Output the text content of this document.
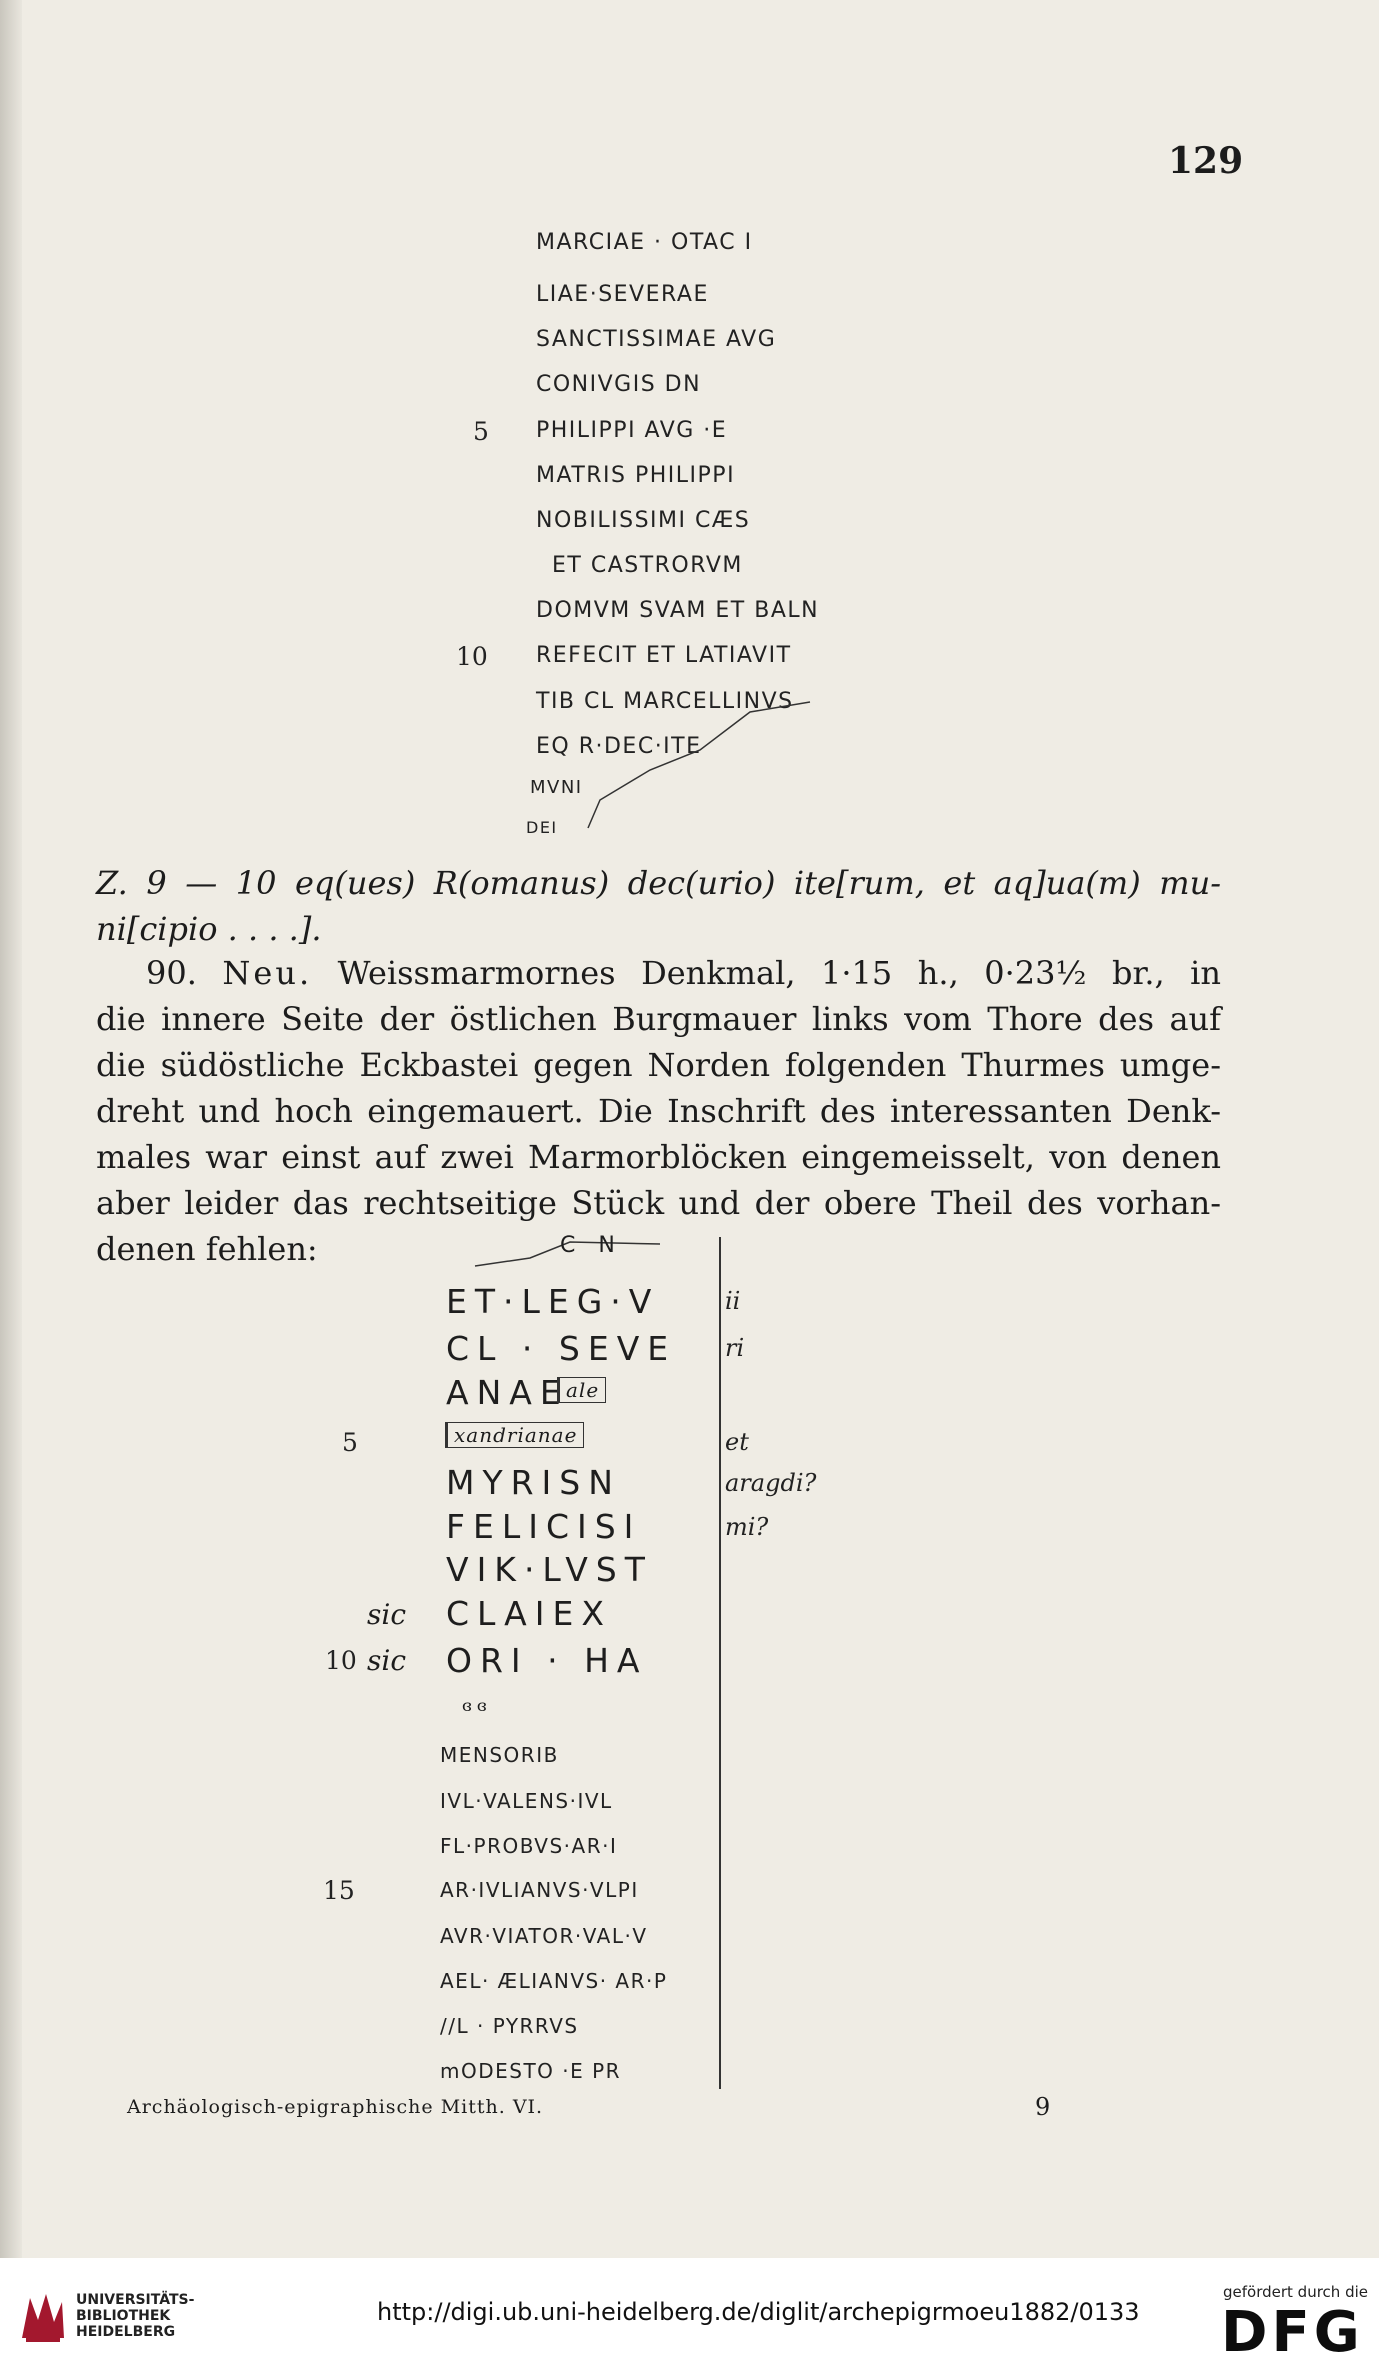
129
MARCIAE · OTAC I
LIAE·SEVERAE
SANCTISSIMAE AVG
CONIVGIS DN
PHILIPPI AVG ·E
MATRIS PHILIPPI
NOBILISSIMI CÆS
ET CASTRORVM
DOMVM SVAM ET BALN
REFECIT ET LATIAVIT
TIB CL MARCELLINVS
EQ R·DEC·ITE
MVNI
DEI
5
10
Z. 9 — 10 eq(ues) R(omanus) dec(urio) ite[rum, et aq]ua(m) mu-
ni[cipio . . . .].
90. Neu. Weissmarmornes Denkmal, 1·15 h., 0·23½ br., in
die innere Seite der östlichen Burgmauer links vom Thore des auf
die südöstliche Eckbastei gegen Norden folgenden Thurmes umge-
dreht und hoch eingemauert. Die Inschrift des interessanten Denk-
males war einst auf zwei Marmorblöcken eingemeisselt, von denen
aber leider das rechtseitige Stück und der obere Theil des vorhan-
denen fehlen:	C N
ET·LEG·V	ii
CL · SEVE ri
ANAE
ale
5	xandrianae	et
MYRISN	aragdi?
FELICISI	mi?
VIK·LVST
sic CLAIEX
10 sic ORI · HA
ɞ ɞ
MENSORIB
IVL·VALENS·IVL
FL·PROBVS·AR·I
15	AR·IVLIANVS·VLPI
AVR·VIATOR·VAL·V
AEL· ÆLIANVS· AR·P
//L · PYRRVS
mODESTO ·E PR
Archäologisch-epigraphische Mitth. VI.	9
UNIVERSITÄTS-
BIBLIOTHEK
HEIDELBERG
http://digi.ub.uni-heidelberg.de/diglit/archepigrmoeu1882/0133
gefördert durch die
DFG
